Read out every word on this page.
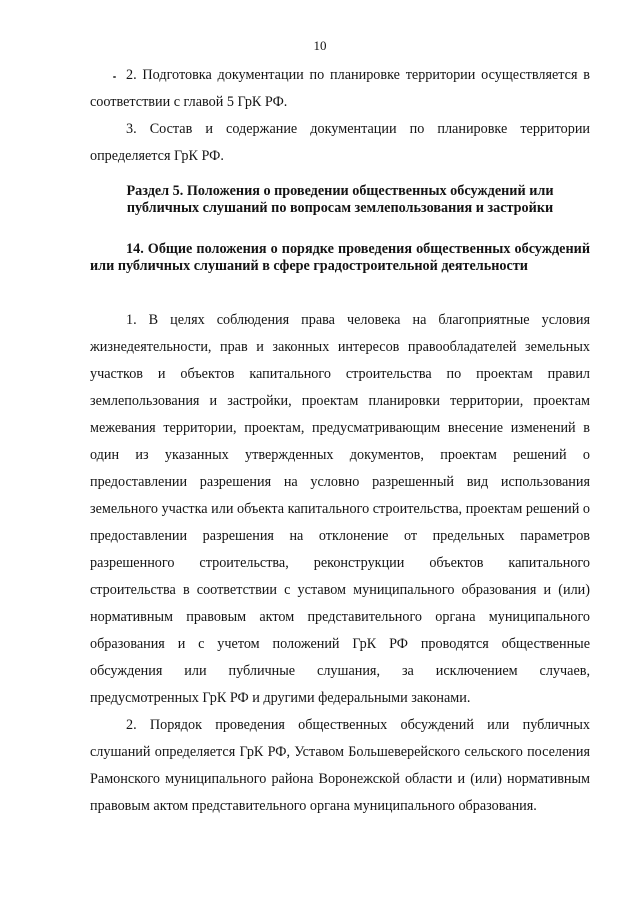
10

2. Подготовка документации по планировке территории осуществляется в соответствии с главой 5 ГрК РФ.

3. Состав и содержание документации по планировке территории определяется ГрК РФ.

Раздел 5. Положения о проведении общественных обсуждений или публичных слушаний по вопросам землепользования и застройки

14. Общие положения о порядке проведения общественных обсуждений или публичных слушаний в сфере градостроительной деятельности

1. В целях соблюдения права человека на благоприятные условия жизнедеятельности, прав и законных интересов правообладателей земельных участков и объектов капитального строительства по проектам правил землепользования и застройки, проектам планировки территории, проектам межевания территории, проектам, предусматривающим внесение изменений в один из указанных утвержденных документов, проектам решений о предоставлении разрешения на условно разрешенный вид использования земельного участка или объекта капитального строительства, проектам решений о предоставлении разрешения на отклонение от предельных параметров разрешенного строительства, реконструкции объектов капитального строительства в соответствии с уставом муниципального образования и (или) нормативным правовым актом представительного органа муниципального образования и с учетом положений ГрК РФ проводятся общественные обсуждения или публичные слушания, за исключением случаев, предусмотренных ГрК РФ и другими федеральными законами.

2. Порядок проведения общественных обсуждений или публичных слушаний определяется ГрК РФ, Уставом Большеверейского сельского поселения Рамонского муниципального района Воронежской области и (или) нормативным правовым актом представительного органа муниципального образования.
